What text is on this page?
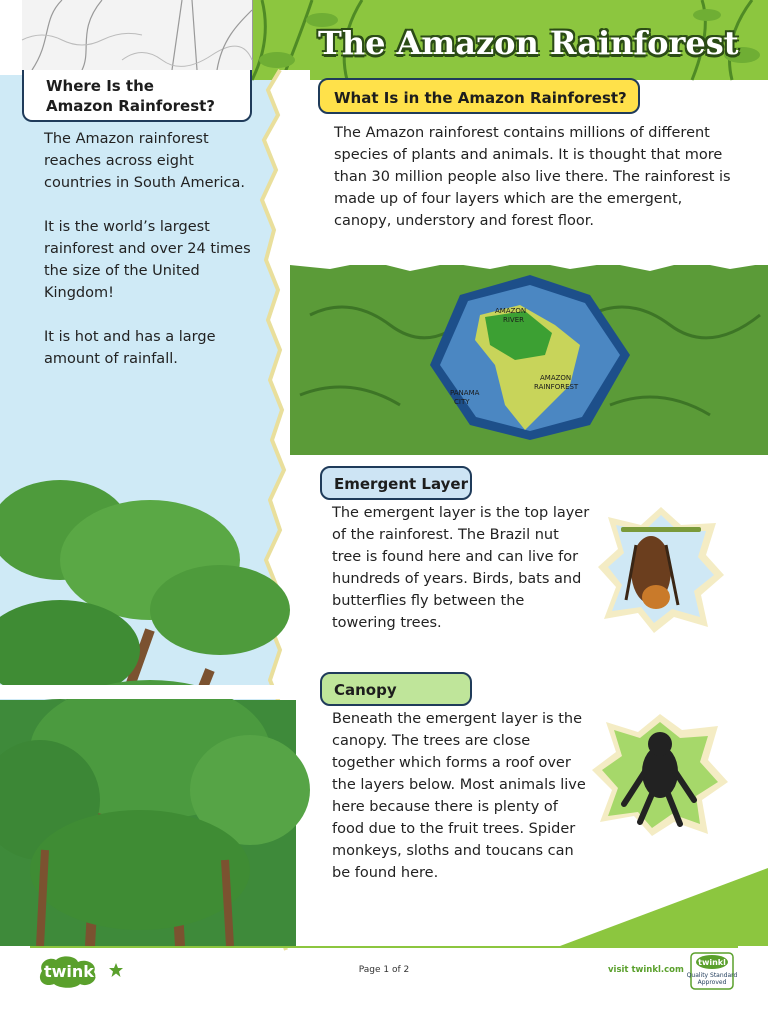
AMAZON
RIVER
AMAZON
RAINFOREST
PANAMA
CITY
The Amazon Rainforest
Where Is the
Amazon Rainforest?	What Is in the Amazon Rainforest?

The Amazon rainforest reaches across eight countries in South America.

It is the world’s largest rainforest and over 24 times the size of the United Kingdom!

It is hot and has a large amount of rainfall.

The Amazon rainforest contains millions of different species of plants and animals. It is thought that more than 30 million people also live there. The rainforest is made up of four layers which are the emergent, canopy, understory and forest floor.

Emergent Layer

The emergent layer is the top layer of the rainforest. The Brazil nut tree is found here and can live for hundreds of years. Birds, bats and butterflies fly between the towering trees.

Canopy

Beneath the emergent layer is the canopy. The trees are close together which forms a roof over the layers below. Most animals live here because there is plenty of food due to the fruit trees. Spider monkeys, sloths and toucans can be found here.

twinkl	Page 1 of 2	visit twinkl.com
twinkl
Quality Standard
Approved
